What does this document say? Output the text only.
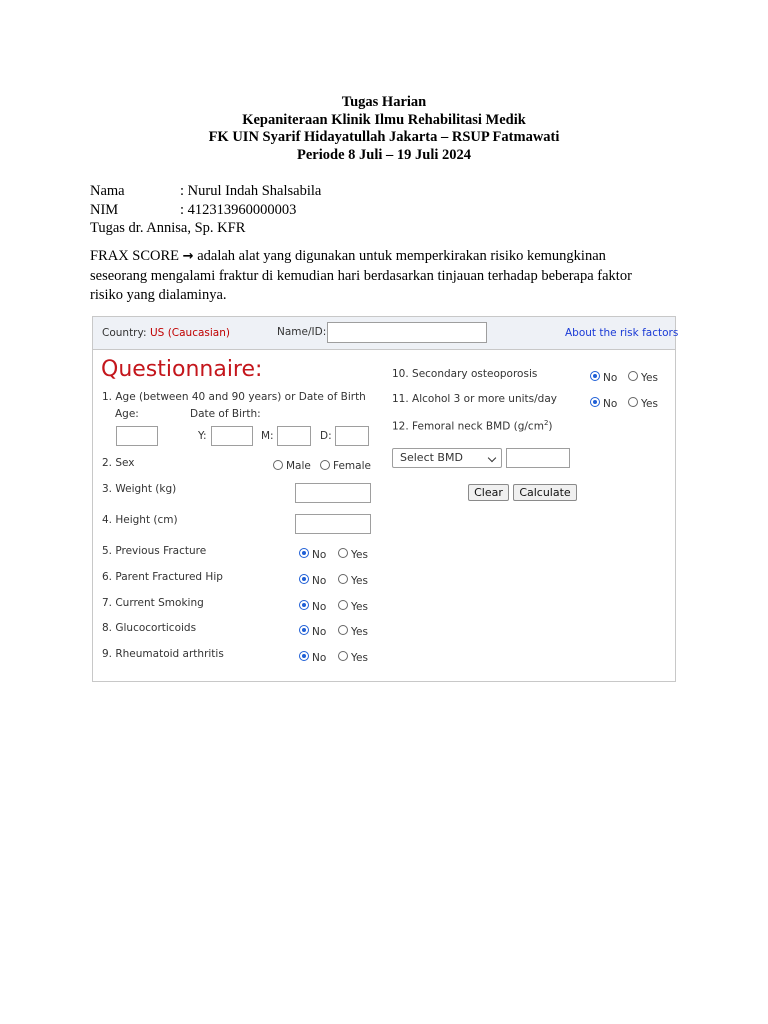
Tugas Harian
Kepaniteraan Klinik Ilmu Rehabilitasi Medik
FK UIN Syarif Hidayatullah Jakarta – RSUP Fatmawati
Periode 8 Juli – 19 Juli 2024
Nama	: Nurul Indah Shalsabila
NIM	: 412313960000003
Tugas dr. Annisa, Sp. KFR
FRAX SCORE → adalah alat yang digunakan untuk memperkirakan risiko kemungkinan
seseorang mengalami fraktur di kemudian hari berdasarkan tinjauan terhadap beberapa faktor
risiko yang dialaminya.
Country: US (Caucasian)	Name/ID:	About the risk factors
Questionnaire:
1. Age (between 40 and 90 years) or Date of Birth
Age:	Date of Birth:
Y:	M:	D:
2. Sex	Male Female
3. Weight (kg)
4. Height (cm)
5. Previous Fracture	No Yes
6. Parent Fractured Hip	No Yes
7. Current Smoking	No Yes
8. Glucocorticoids	No Yes
9. Rheumatoid arthritis	No Yes
10. Secondary osteoporosis	No Yes
11. Alcohol 3 or more units/day	No Yes
12. Femoral neck BMD $(g/cm^2)$
Select BMD
Clear	Calculate
